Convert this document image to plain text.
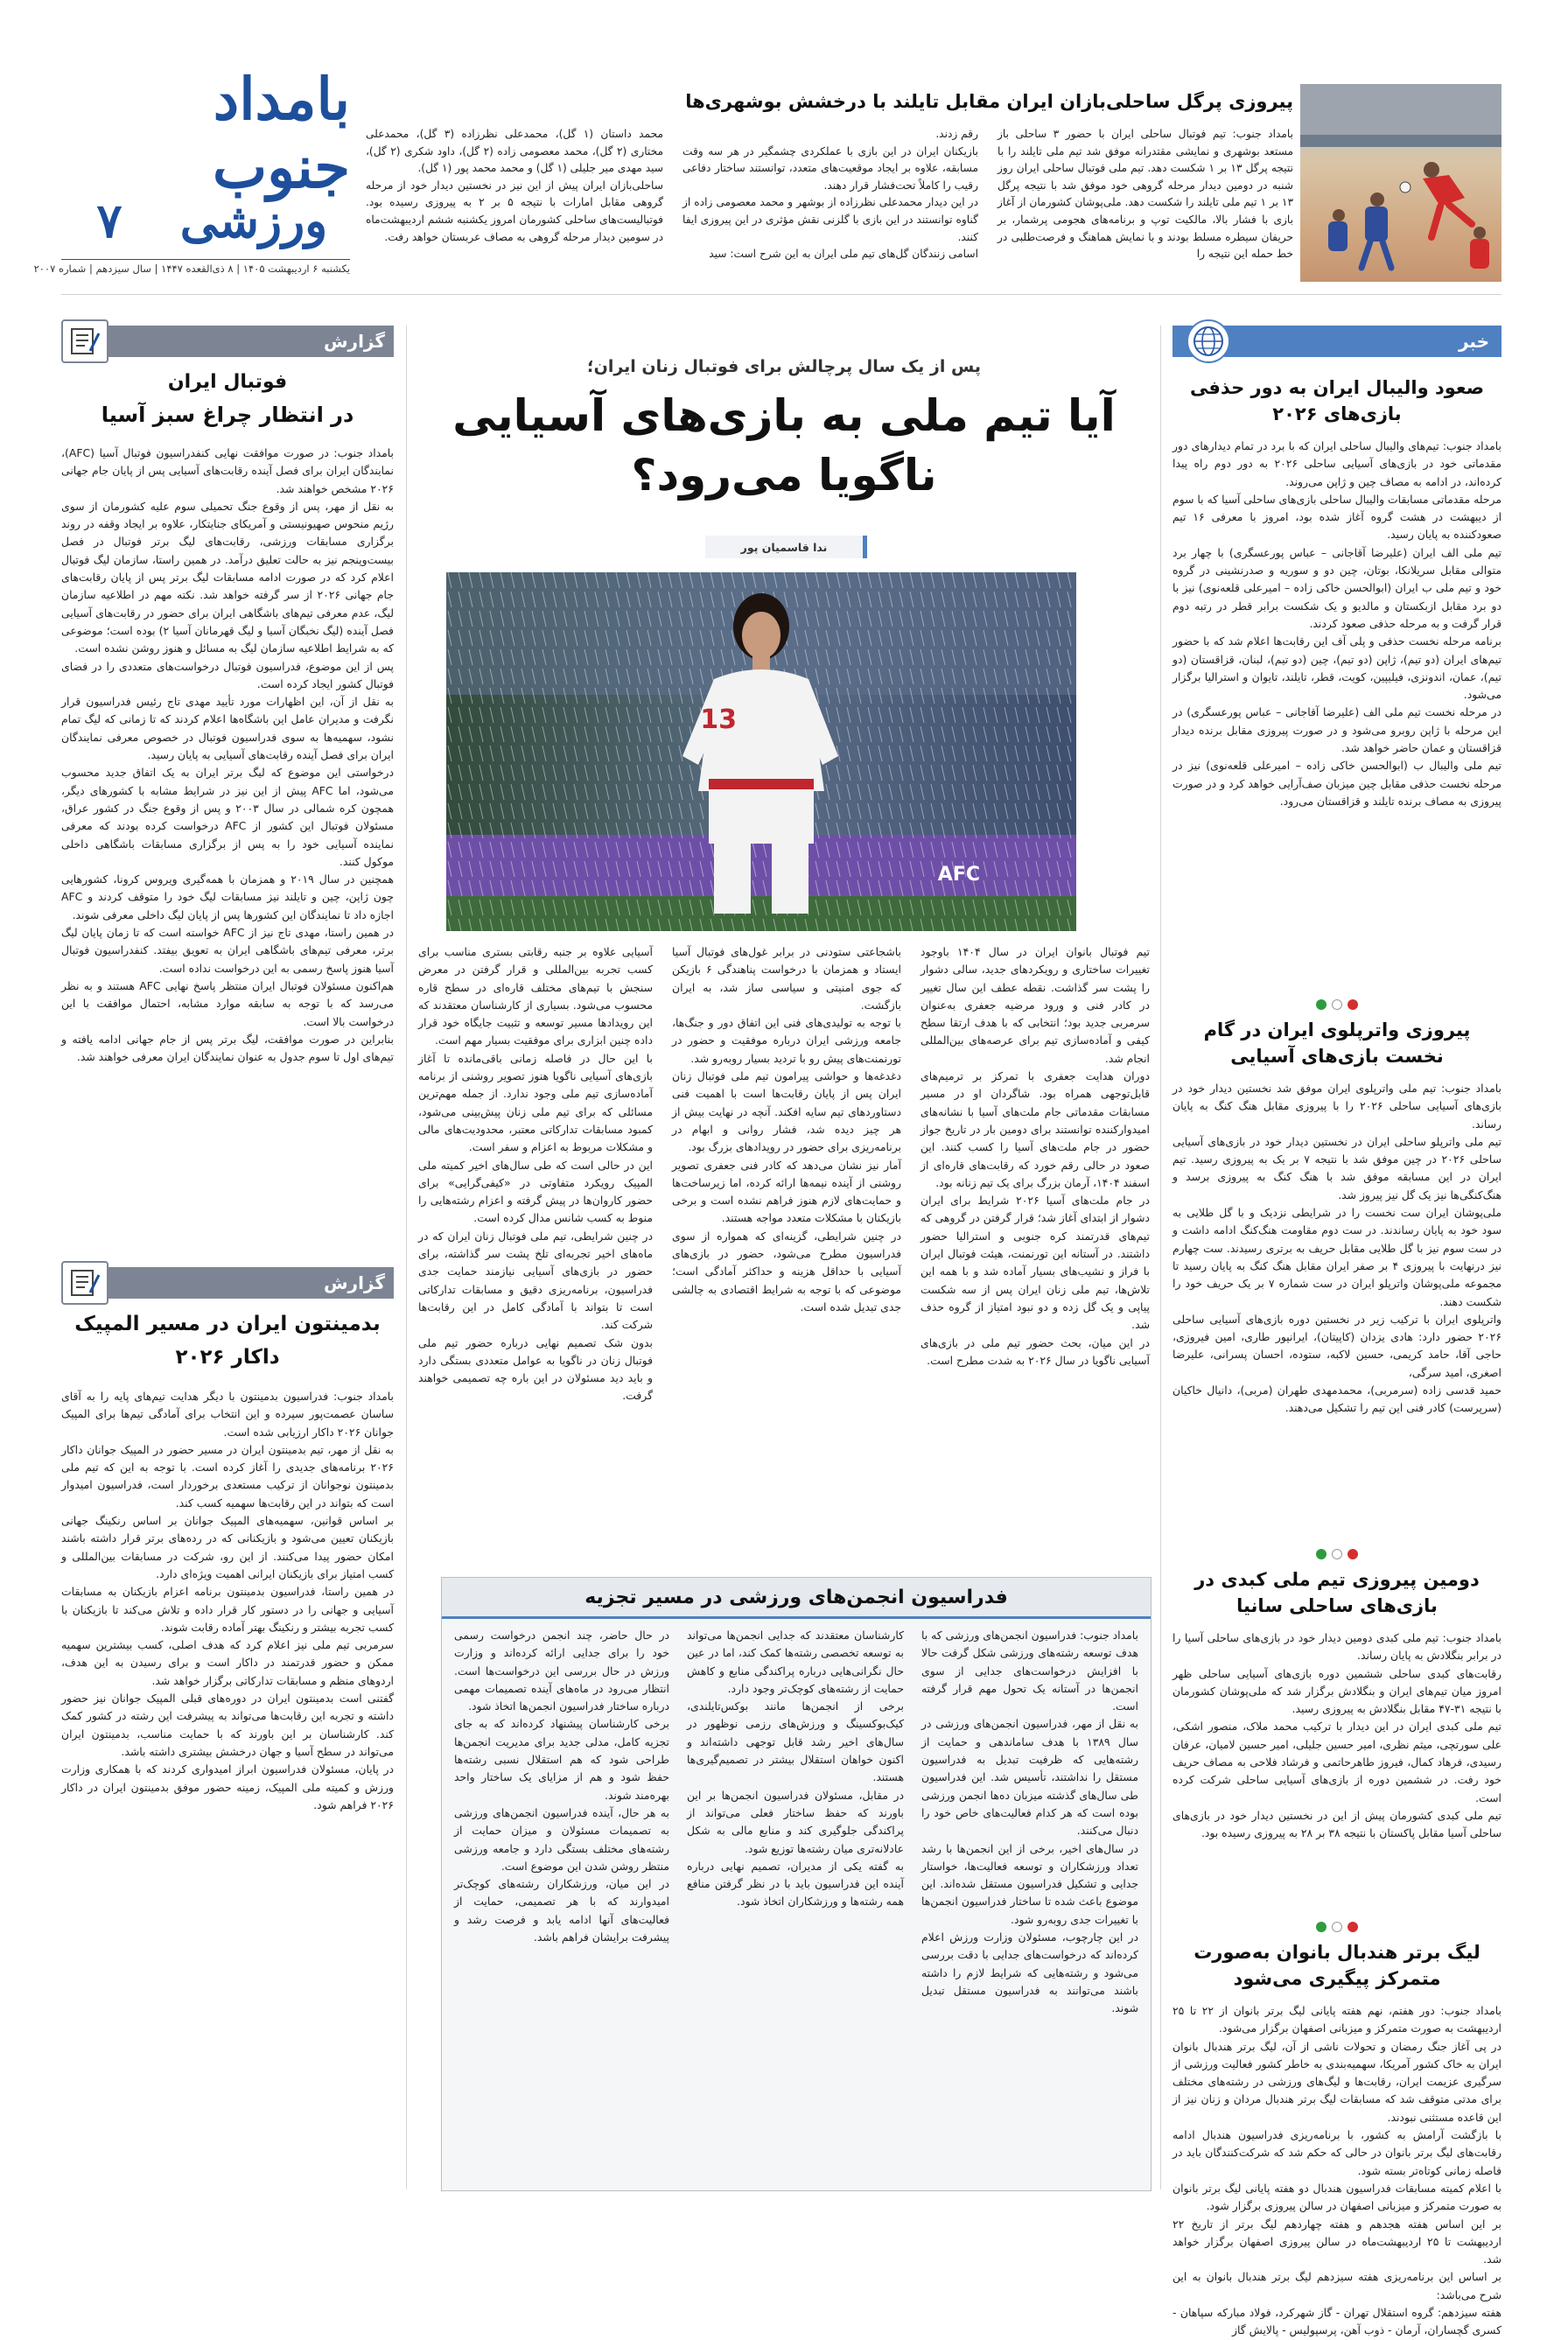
بامداد جنوب
ورزشی
۷
یکشنبه ۶ اردیبهشت ۱۴۰۵ | ۸ ذی‌القعده ۱۴۴۷ | سال سیزدهم | شماره ۲۰۰۷
پیروزی پرگل ساحلی‌بازان ایران مقابل تایلند با درخشش بوشهری‌ها
بامداد جنوب: تیم فوتبال ساحلی ایران با حضور ۳ ساحلی باز مستعد بوشهری و نمایشی مقتدرانه موفق شد تیم ملی تایلند را با نتیجه پرگل ۱۳ بر ۱ شکست دهد. تیم ملی فوتبال ساحلی ایران روز شنبه در دومین دیدار مرحله گروهی خود موفق شد با نتیجه پرگل ۱۳ بر ۱ تیم ملی تایلند را شکست دهد. ملی‌پوشان کشورمان از آغاز بازی با فشار بالا، مالکیت توپ و برنامه‌های هجومی پرشمار، بر حریفان سیطره مسلط بودند و با نمایش هماهنگ و فرصت‌طلبی در خط حمله این نتیجه را
رقم زدند.
بازیکنان ایران در این بازی با عملکردی چشمگیر در هر سه وقت مسابقه، علاوه بر ایجاد موقعیت‌های متعدد، توانستند ساختار دفاعی رقیب را کاملاً تحت‌فشار قرار دهند.
در این دیدار محمدعلی نظرزاده از بوشهر و محمد معصومی زاده از گناوه توانستند در این بازی با گلزنی نقش مؤثری در این پیروزی ایفا کنند.
اسامی زنندگان گل‌های تیم ملی ایران به این شرح است: سید
محمد داستان (۱ گل)، محمدعلی نظرزاده (۳ گل)، محمدعلی مختاری (۲ گل)، محمد معصومی زاده (۲ گل)، داود شکری (۲ گل)، سید مهدی میر جلیلی (۱ گل) و محمد محمد پور (۱ گل).
ساحلی‌بازان ایران پیش از این نیز در نخستین دیدار خود از مرحله گروهی مقابل امارات با نتیجه ۵ بر ۲ به پیروزی رسیده بود. فوتبالیست‌های ساحلی کشورمان امروز یکشنبه ششم اردیبهشت‌ماه در سومین دیدار مرحله گروهی به مصاف عربستان خواهد رفت.
خبر
صعود والیبال ایران به دور حذفی بازی‌های ۲۰۲۶
بامداد جنوب: تیم‌های والیبال ساحلی ایران که با برد در تمام دیدارهای دور مقدماتی خود در بازی‌های آسیایی ساحلی ۲۰۲۶ به دور دوم راه پیدا کرده‌اند، در ادامه به مصاف چین و ژاپن می‌روند.
مرحله مقدماتی مسابقات والیبال ساحلی بازی‌های ساحلی آسیا که با سوم از دیبهشت در هشت گروه آغاز شده بود، امروز با معرفی ۱۶ تیم صعودکننده به پایان رسید.
تیم ملی الف ایران (علیرضا آقاجانی – عباس پورعسگری) با چهار برد متوالی مقابل سریلانکا، بوتان، چین دو و سوریه و صدرنشینی در گروه خود و تیم ملی ب ایران (ابوالحسن خاکی زاده – امیرعلی قلعه‌نوی) نیز با دو برد مقابل ازبکستان و مالدیو و یک شکست برابر قطر در رتبه دوم قرار گرفت و به مرحله حذفی صعود کردند.
برنامه مرحله نخست حذفی و پلی آف این رقابت‌ها اعلام شد که با حضور تیم‌های ایران (دو تیم)، ژاپن (دو تیم)، چین (دو تیم)، لبنان، قزاقستان (دو تیم)، عمان، اندونزی، فیلیپین، کویت، قطر، تایلند، تایوان و استرالیا برگزار می‌شود.
در مرحله نخست تیم ملی الف (علیرضا آقاجانی – عباس پورعسگری) در این مرحله با ژاپن روبرو می‌شود و در صورت پیروزی مقابل برنده دیدار قزاقستان و عمان حاضر خواهد شد.
تیم ملی والیبال ب (ابوالحسن خاکی زاده – امیرعلی قلعه‌نوی) نیز در مرحله نخست حذفی مقابل چین میزبان صف‌آرایی خواهد کرد و در صورت پیروزی به مصاف برنده تایلند و قزاقستان می‌رود.
پیروزی واترپلوی ایران در گام نخست بازی‌های آسیایی
بامداد جنوب: تیم ملی واترپلوی ایران موفق شد نخستین دیدار خود در بازی‌های آسیایی ساحلی ۲۰۲۶ را با پیروزی مقابل هنگ کنگ به پایان رساند.
تیم ملی واترپلو ساحلی ایران در نخستین دیدار خود در بازی‌های آسیایی ساحلی ۲۰۲۶ در چین موفق شد با نتیجه ۷ بر یک به پیروزی رسید. تیم ایران در این مسابقه موفق شد با هنگ کنگ به پیروزی برسد و هنگ‌کنگی‌ها نیز یک گل نیز پیروز شد.
ملی‌پوشان ایران ست نخست را در شرایطی نزدیک و با گل طلایی به سود خود به پایان رساندند. در ست دوم مقاومت هنگ‌کنگ ادامه داشت و در ست سوم نیز با گل طلایی مقابل حریف به برتری رسیدند. ست چهارم نیز درنهایت با پیروزی ۴ بر صفر ایران مقابل هنگ کنگ به پایان رسید تا مجموعه ملی‌پوشان واترپلو ایران در ست شماره ۷ بر یک حریف خود را شکست دهند.
واترپلوی ایران با ترکیب زیر در نخستین دوره بازی‌های آسیایی ساحلی ۲۰۲۶ حضور دارد: هادی یزدان (کاپیتان)، ایرانپور طاری، امین فیروزی، حاجی آقا، حامد کریمی، حسین لاکبه، ستوده، احسان پسرانی، علیرضا اصغری، امید سرگی،
حمید قدسی زاده (سرمربی)، محمدمهدی طهران (مربی)، دانیال خاکیان (سرپرست) کادر فنی این تیم را تشکیل می‌دهند.
دومین پیروزی تیم ملی کبدی در بازی‌های ساحلی سانیا
بامداد جنوب: تیم ملی کبدی دومین دیدار خود در بازی‌های ساحلی آسیا را در برابر بنگلادش به پایان رساند.
رقابت‌های کبدی ساحلی ششمین دوره بازی‌های آسیایی ساحلی ظهر امروز میان تیم‌های ایران و بنگلادش برگزار شد که ملی‌پوشان کشورمان با نتیجه ۳۱-۴۷ مقابل بنگلادش به پیروزی رسید.
تیم ملی کبدی ایران در این دیدار با ترکیب محمد ملاک، منصور اشکی، علی سورتچی، میثم نظری، امیر حسین جلیلی، امیر حسین لامیان، عرفان رسیدی، فرهاد کمال، فیروز طاهرحاتمی و فرشاد فلاحی به مصاف حریف خود رفت. در ششمین دوره از بازی‌های آسیایی ساحلی شرکت کرده است.
تیم ملی کبدی کشورمان پیش از این در نخستین دیدار خود در بازی‌های ساحلی آسیا مقابل پاکستان با نتیجه ۳۸ بر ۲۸ به پیروزی رسیده بود.
لیگ برتر هندبال بانوان به‌صورت متمرکز پیگیری می‌شود
بامداد جنوب: دور هفتم، نهم هفته پایانی لیگ برتر بانوان از ۲۲ تا ۲۵ اردیبهشت به صورت متمرکز و میزبانی اصفهان برگزار می‌شود.
در پی آغاز جنگ رمضان و تحولات ناشی از آن، لیگ برتر هندبال بانوان ایران به خاک کشور آمریکا، سهمیه‌بندی به خاطر کشور فعالیت ورزشی از سرگیری عزیمت ایران، رقابت‌ها و لیگ‌های ورزشی در رشته‌های مختلف برای مدتی متوقف شد که مسابقات لیگ برتر هندبال مردان و زنان نیز از این قاعده مستثنی نبودند.
با بازگشت آرامش به کشور، با برنامه‌ریزی فدراسیون هندبال ادامه رقابت‌های لیگ برتر بانوان در حالی که حکم شد که شرکت‌کنندگان باید در فاصله زمانی کوتاه‌تر بسته شود.
با اعلام کمیته مسابقات فدراسیون هندبال دو هفته پایانی لیگ برتر بانوان به صورت متمرکز و میزبانی اصفهان در سالن پیروزی برگزار شود.
بر این اساس هفته هجدهم و هفته چهاردهم لیگ برتر از تاریخ ۲۲ اردیبهشت تا ۲۵ اردیبهشت‌ماه در سالن پیروزی اصفهان برگزار خواهد شد.
بر اساس این برنامه‌ریزی هفته سیزدهم لیگ برتر هندبال بانوان به این شرح می‌باشد:
هفته سیزدهم: گروه استقلال تهران - گاز شهرکرد، فولاد مبارکه سپاهان - کسری گچساران، آرمان - ذوب آهن، پرسپولیس - پالایش گاز
پس از یک سال پرچالش برای فوتبال زنان ایران؛
آیا تیم ملی به بازی‌های آسیایی
ناگویا می‌رود؟
ندا قاسمیان پور
13
AFC
تیم فوتبال بانوان ایران در سال ۱۴۰۴ باوجود تغییرات ساختاری و رویکردهای جدید، سالی دشوار را پشت سر گذاشت. نقطه عطف این سال تغییر در کادر فنی و ورود مرضیه جعفری به‌عنوان سرمربی جدید بود؛ انتخابی که با هدف ارتقا سطح کیفی و آماده‌سازی تیم برای عرصه‌های بین‌المللی انجام شد.
دوران هدایت جعفری با تمرکز بر ترمیم‌های قابل‌توجهی همراه بود. شاگردان او در مسیر مسابقات مقدماتی جام ملت‌های آسیا با نشانه‌های امیدوارکننده توانستند برای دومین بار در تاریخ جواز حضور در جام ملت‌های آسیا را کسب کنند. این صعود در حالی رقم خورد که رقابت‌های قاره‌ای از اسفند ۱۴۰۴، آرمان بزرگ برای یک تیم زنانه بود.
در جام ملت‌های آسیا ۲۰۲۶ شرایط برای ایران دشوار از ابتدای آغاز شد؛ قرار گرفتن در گروهی که تیم‌های قدرتمند کره جنوبی و استرالیا حضور داشتند. در آستانه این تورنمنت، هیئت فوتبال ایران با فراز و نشیب‌های بسیار آماده شد و با همه این تلاش‌ها، تیم ملی زنان ایران پس از سه شکست پیاپی و یک گل زده و دو نبود امتیاز از گروه حذف شد.
در این میان، بحث حضور تیم ملی در بازی‌های آسیایی ناگویا در سال ۲۰۲۶ به شدت مطرح است.
باشجاعتی ستودنی در برابر غول‌های فوتبال آسیا ایستاد و همزمان با درخواست پناهندگی ۶ بازیکن که جوی امنیتی و سیاسی ساز شد، به ایران بازگشت.
با توجه به تولیدی‌های فنی این اتفاق دور و جنگ‌ها، جامعه ورزشی ایران درباره موفقیت و حضور در تورنمنت‌های پیش رو با تردید بسیار روبه‌رو شد.
دغدغه‌ها و حواشی پیرامون تیم ملی فوتبال زنان ایران پس از پایان رقابت‌ها است با اهمیت فنی دستاوردهای تیم سایه افکند. آنچه در نهایت بیش از هر چیز دیده شد، فشار روانی و ابهام در برنامه‌ریزی برای حضور در رویدادهای بزرگ بود.
آمار نیز نشان می‌دهد که کادر فنی جعفری تصویر روشنی از آینده نیمه‌ها ارائه کرده، اما زیرساخت‌ها و حمایت‌های لازم هنوز فراهم نشده است و برخی بازیکنان با مشکلات متعدد مواجه هستند.
در چنین شرایطی، گزینه‌ای که همواره از سوی فدراسیون مطرح می‌شود، حضور در بازی‌های آسیایی با حداقل هزینه و حداکثر آمادگی است؛ موضوعی که با توجه به شرایط اقتصادی به چالشی جدی تبدیل شده است.
آسیایی علاوه بر جنبه رقابتی بستری مناسب برای کسب تجربه بین‌المللی و قرار گرفتن در معرض سنجش با تیم‌های مختلف قاره‌ای در سطح قاره محسوب می‌شود. بسیاری از کارشناسان معتقدند که این رویدادها مسیر توسعه و تثبیت جایگاه خود قرار داده چنین ابزاری برای موفقیت بسیار مهم است.
با این حال در فاصله زمانی باقی‌مانده تا آغاز بازی‌های آسیایی ناگویا هنوز تصویر روشنی از برنامه آماده‌سازی تیم ملی وجود ندارد. از جمله مهم‌ترین مسائلی که برای تیم ملی زنان پیش‌بینی می‌شود، کمبود مسابقات تدارکاتی معتبر، محدودیت‌های مالی و مشکلات مربوط به اعزام و سفر است.
این در حالی است که طی سال‌های اخیر کمیته ملی المپیک رویکرد متفاوتی در «کیفی‌گرایی» برای حضور کاروان‌ها در پیش گرفته و اعزام رشته‌هایی را منوط به کسب شانس مدال کرده است.
در چنین شرایطی، تیم ملی فوتبال زنان ایران که در ماه‌های اخیر تجربه‌ای تلخ پشت سر گذاشته، برای حضور در بازی‌های آسیایی نیازمند حمایت جدی فدراسیون، برنامه‌ریزی دقیق و مسابقات تدارکاتی است تا بتواند با آمادگی کامل در این رقابت‌ها شرکت کند.
بدون شک تصمیم نهایی درباره حضور تیم ملی فوتبال زنان در ناگویا به عوامل متعددی بستگی دارد و باید دید مسئولان در این باره چه تصمیمی خواهند گرفت.
فدراسیون انجمن‌های ورزشی در مسیر تجزیه
بامداد جنوب: فدراسیون انجمن‌های ورزشی که با هدف توسعه رشته‌های ورزشی شکل گرفت حالا با افزایش درخواست‌های جدایی از سوی انجمن‌ها در آستانه یک تحول مهم قرار گرفته است.
به نقل از مهر، فدراسیون انجمن‌های ورزشی در سال ۱۳۸۹ با هدف ساماندهی و حمایت از رشته‌هایی که ظرفیت تبدیل به فدراسیون مستقل را نداشتند، تأسیس شد. این فدراسیون طی سال‌های گذشته میزبان ده‌ها انجمن ورزشی بوده است که هر کدام فعالیت‌های خاص خود را دنبال می‌کنند.
در سال‌های اخیر، برخی از این انجمن‌ها با رشد تعداد ورزشکاران و توسعه فعالیت‌ها، خواستار جدایی و تشکیل فدراسیون مستقل شده‌اند. این موضوع باعث شده تا ساختار فدراسیون انجمن‌ها با تغییرات جدی روبه‌رو شود.
در این چارچوب، مسئولان وزارت ورزش اعلام کرده‌اند که درخواست‌های جدایی با دقت بررسی می‌شود و رشته‌هایی که شرایط لازم را داشته باشند می‌توانند به فدراسیون مستقل تبدیل شوند.
کارشناسان معتقدند که جدایی انجمن‌ها می‌تواند به توسعه تخصصی رشته‌ها کمک کند، اما در عین حال نگرانی‌هایی درباره پراکندگی منابع و کاهش حمایت از رشته‌های کوچک‌تر وجود دارد.
برخی از انجمن‌ها مانند بوکس‌تایلندی، کیک‌بوکسینگ و ورزش‌های رزمی نوظهور در سال‌های اخیر رشد قابل توجهی داشته‌اند و اکنون خواهان استقلال بیشتر در تصمیم‌گیری‌ها هستند.
در مقابل، مسئولان فدراسیون انجمن‌ها بر این باورند که حفظ ساختار فعلی می‌تواند از پراکندگی جلوگیری کند و منابع مالی به شکل عادلانه‌تری میان رشته‌ها توزیع شود.
به گفته یکی از مدیران، تصمیم نهایی درباره آینده این فدراسیون باید با در نظر گرفتن منافع همه رشته‌ها و ورزشکاران اتخاذ شود.
در حال حاضر، چند انجمن درخواست رسمی خود را برای جدایی ارائه کرده‌اند و وزارت ورزش در حال بررسی این درخواست‌ها است. انتظار می‌رود در ماه‌های آینده تصمیمات مهمی درباره ساختار فدراسیون انجمن‌ها اتخاذ شود.
برخی کارشناسان پیشنهاد کرده‌اند که به جای تجزیه کامل، مدلی جدید برای مدیریت انجمن‌ها طراحی شود که هم استقلال نسبی رشته‌ها حفظ شود و هم از مزایای یک ساختار واحد بهره‌مند شوند.
به هر حال، آینده فدراسیون انجمن‌های ورزشی به تصمیمات مسئولان و میزان حمایت از رشته‌های مختلف بستگی دارد و جامعه ورزشی منتظر روشن شدن این موضوع است.
در این میان، ورزشکاران رشته‌های کوچک‌تر امیدوارند که با هر تصمیمی، حمایت از فعالیت‌های آنها ادامه یابد و فرصت رشد و پیشرفت برایشان فراهم باشد.
گزارش
فوتبال ایران
در انتظار چراغ سبز آسیا
بامداد جنوب: در صورت موافقت نهایی کنفدراسیون فوتبال آسیا (AFC)، نمایندگان ایران برای فصل آینده رقابت‌های آسیایی پس از پایان جام جهانی ۲۰۲۶ مشخص خواهند شد.
به نقل از مهر، پس از وقوع جنگ تحمیلی سوم علیه کشورمان از سوی رژیم منحوس صهیونیستی و آمریکای جنایتکار، علاوه بر ایجاد وقفه در روند برگزاری مسابقات ورزشی، رقابت‌های لیگ برتر فوتبال در فصل بیست‌وپنجم نیز به حالت تعلیق درآمد. در همین راستا، سازمان لیگ فوتبال اعلام کرد که در صورت ادامه مسابقات لیگ برتر پس از پایان رقابت‌های جام جهانی ۲۰۲۶ از سر گرفته خواهد شد. نکته مهم در اطلاعیه سازمان لیگ، عدم معرفی تیم‌های باشگاهی ایران برای حضور در رقابت‌های آسیایی فصل آینده (لیگ نخبگان آسیا و لیگ قهرمانان آسیا ۲) بوده است؛ موضوعی که به شرایط اطلاعیه سازمان لیگ به مسائل و هنوز روشن نشده است.
پس از این موضوع، فدراسیون فوتبال درخواست‌های متعددی را در فضای فوتبال کشور ایجاد کرده است.
به نقل از آن، این اظهارات مورد تأیید مهدی تاج رئیس فدراسیون قرار نگرفت و مدیران عامل این باشگاه‌ها اعلام کردند که تا زمانی که لیگ تمام نشود، سهمیه‌ها به سوی فدراسیون فوتبال در خصوص معرفی نمایندگان ایران برای فصل آینده رقابت‌های آسیایی به پایان رسید.
درخواستی این موضوع که لیگ برتر ایران به یک اتفاق جدید محسوب می‌شود، اما AFC پیش از این نیز در شرایط مشابه با کشورهای دیگر، همچون کره شمالی در سال ۲۰۰۳ و پس از وقوع جنگ در کشور عراق، مسئولان فوتبال این کشور از AFC درخواست کرده بودند که معرفی نماینده آسیایی خود را به پس از برگزاری مسابقات باشگاهی داخلی موکول کنند.
همچنین در سال ۲۰۱۹ و همزمان با همه‌گیری ویروس کرونا، کشورهایی چون ژاپن، چین و تایلند نیز مسابقات لیگ خود را متوقف کردند و AFC اجازه داد تا نمایندگان این کشورها پس از پایان لیگ داخلی معرفی شوند.
در همین راستا، مهدی تاج نیز از AFC خواسته است که تا زمان پایان لیگ برتر، معرفی تیم‌های باشگاهی ایران به تعویق بیفتد. کنفدراسیون فوتبال آسیا هنوز پاسخ رسمی به این درخواست نداده است.
هم‌اکنون مسئولان فوتبال ایران منتظر پاسخ نهایی AFC هستند و به نظر می‌رسد که با توجه به سابقه موارد مشابه، احتمال موافقت با این درخواست بالا است.
بنابراین در صورت موافقت، لیگ برتر پس از جام جهانی ادامه یافته و تیم‌های اول تا سوم جدول به عنوان نمایندگان ایران معرفی خواهند شد.
گزارش
بدمینتون ایران در مسیر المپیک
داکار ۲۰۲۶
بامداد جنوب: فدراسیون بدمینتون با دیگر هدایت تیم‌های پایه را به آقای ساسان عصمت‌پور سپرده و این انتخاب برای آمادگی تیم‌ها برای المپیک جوانان ۲۰۲۶ داکار ارزیابی شده است.
به نقل از مهر، تیم بدمینتون ایران در مسیر حضور در المپیک جوانان داکار ۲۰۲۶ برنامه‌های جدیدی را آغاز کرده است. با توجه به این که تیم ملی بدمینتون نوجوانان از ترکیب مستعدی برخوردار است، فدراسیون امیدوار است که بتواند در این رقابت‌ها سهمیه کسب کند.
بر اساس قوانین، سهمیه‌های المپیک جوانان بر اساس رنکینگ جهانی بازیکنان تعیین می‌شود و بازیکنانی که در رده‌های برتر قرار داشته باشند امکان حضور پیدا می‌کنند. از این رو، شرکت در مسابقات بین‌المللی و کسب امتیاز برای بازیکنان ایرانی اهمیت ویژه‌ای دارد.
در همین راستا، فدراسیون بدمینتون برنامه اعزام بازیکنان به مسابقات آسیایی و جهانی را در دستور کار قرار داده و تلاش می‌کند تا بازیکنان با کسب تجربه بیشتر و رنکینگ بهتر آماده رقابت شوند.
سرمربی تیم ملی نیز اعلام کرد که هدف اصلی، کسب بیشترین سهمیه ممکن و حضور قدرتمند در داکار است و برای رسیدن به این هدف، اردوهای منظم و مسابقات تدارکاتی برگزار خواهد شد.
گفتنی است بدمینتون ایران در دوره‌های قبلی المپیک جوانان نیز حضور داشته و تجربه این رقابت‌ها می‌تواند به پیشرفت این رشته در کشور کمک کند. کارشناسان بر این باورند که با حمایت مناسب، بدمینتون ایران می‌تواند در سطح آسیا و جهان درخشش بیشتری داشته باشد.
در پایان، مسئولان فدراسیون ابراز امیدواری کردند که با همکاری وزارت ورزش و کمیته ملی المپیک، زمینه حضور موفق بدمینتون ایران در داکار ۲۰۲۶ فراهم شود.
